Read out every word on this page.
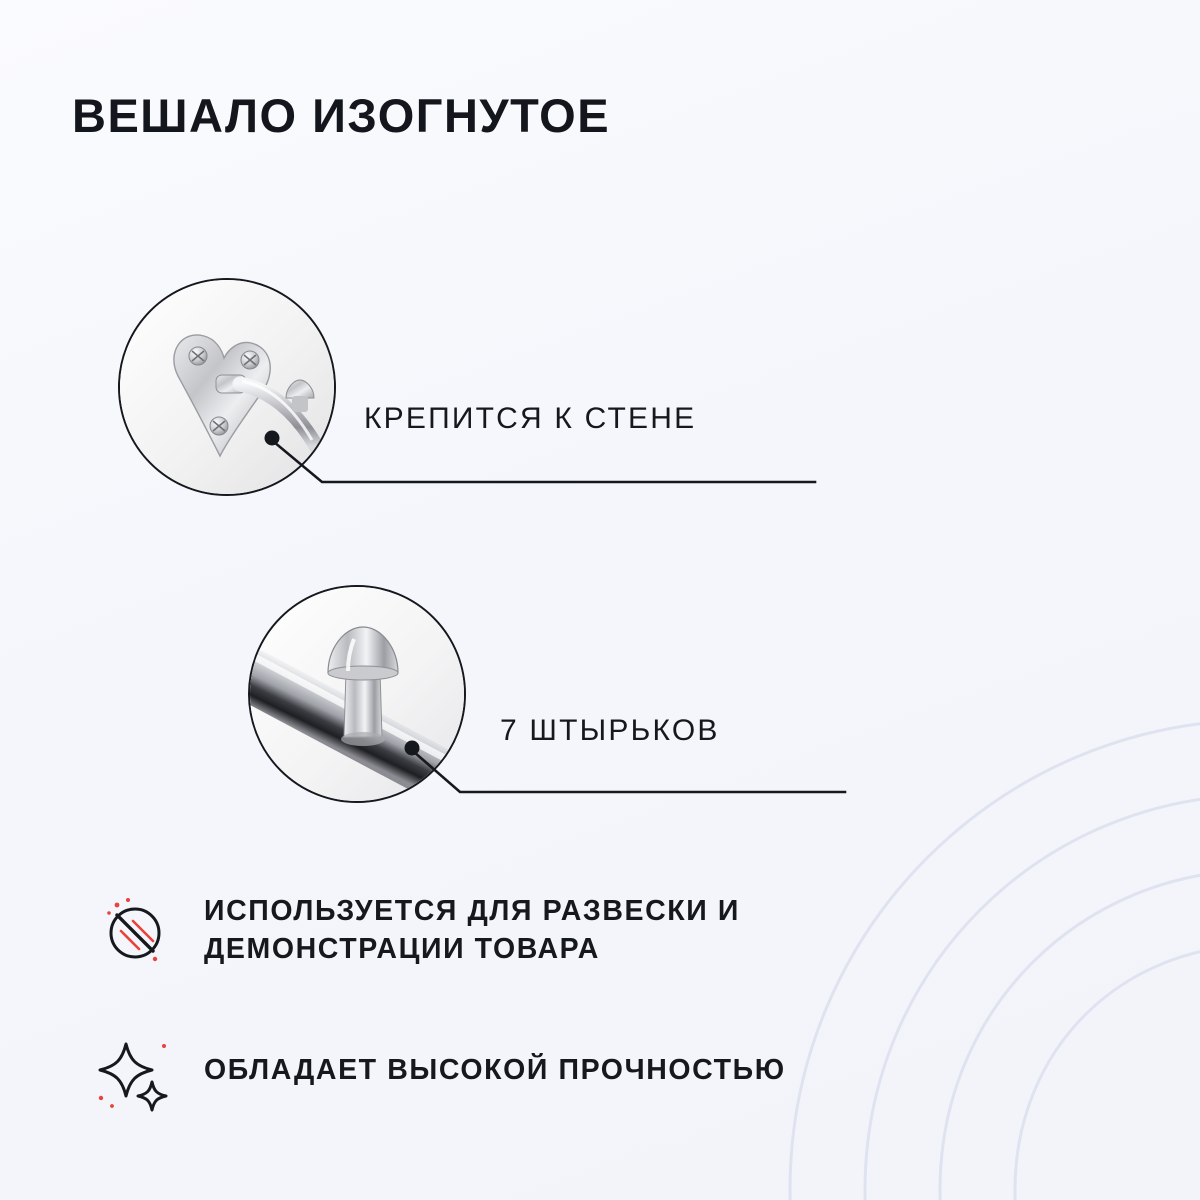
ВЕШАЛО ИЗОГНУТОЕ
КРЕПИТСЯ К СТЕНЕ
7 ШТЫРЬКОВ
ИСПОЛЬЗУЕТСЯ ДЛЯ РАЗВЕСКИ И ДЕМОНСТРАЦИИ ТОВАРА
ОБЛАДАЕТ ВЫСОКОЙ ПРОЧНОСТЬЮ
